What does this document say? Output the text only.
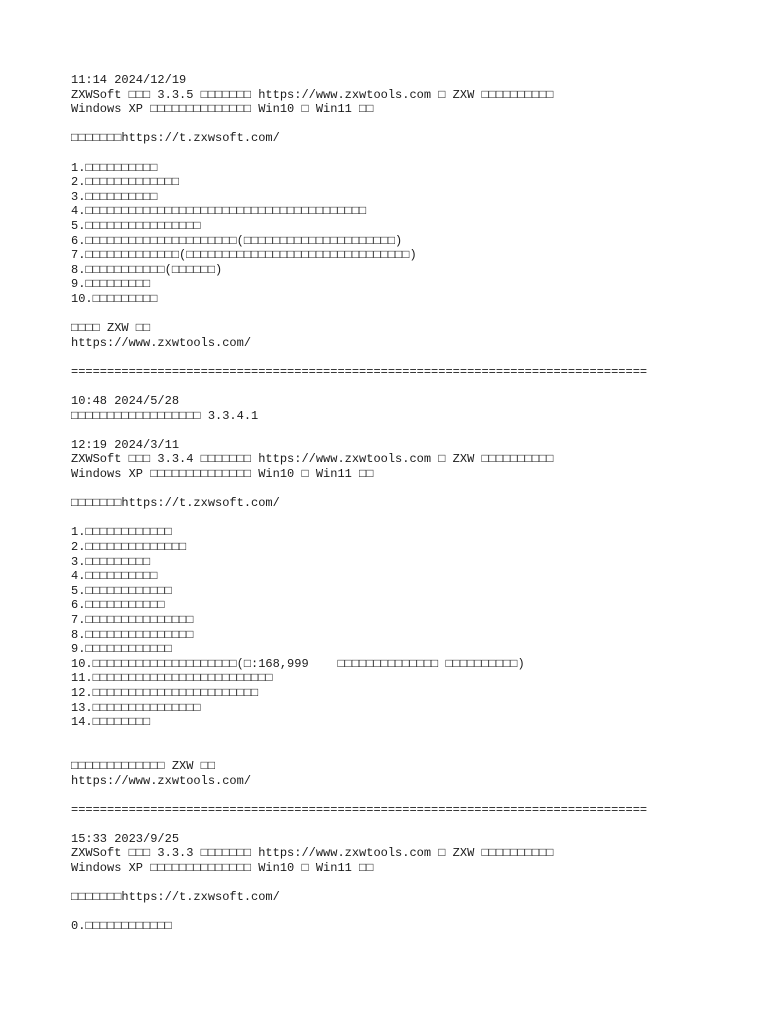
11:14 2024/12/19
ZXWSoft □□□ 3.3.5 □□□□□□□ https://www.zxwtools.com □ ZXW □□□□□□□□□□
Windows XP □□□□□□□□□□□□□□ Win10 □ Win11 □□
□□□□□□□https://t.zxwsoft.com/
1.□□□□□□□□□□
2.□□□□□□□□□□□□□
3.□□□□□□□□□□
4.□□□□□□□□□□□□□□□□□□□□□□□□□□□□□□□□□□□□□□□
5.□□□□□□□□□□□□□□□□
6.□□□□□□□□□□□□□□□□□□□□□(□□□□□□□□□□□□□□□□□□□□□)
7.□□□□□□□□□□□□□(□□□□□□□□□□□□□□□□□□□□□□□□□□□□□□□)
8.□□□□□□□□□□□(□□□□□□)
9.□□□□□□□□□
10.□□□□□□□□□
□□□□ ZXW □□
https://www.zxwtools.com/
================================================================================
10:48 2024/5/28
□□□□□□□□□□□□□□□□□□ 3.3.4.1
12:19 2024/3/11
ZXWSoft □□□ 3.3.4 □□□□□□□ https://www.zxwtools.com □ ZXW □□□□□□□□□□
Windows XP □□□□□□□□□□□□□□ Win10 □ Win11 □□
□□□□□□□https://t.zxwsoft.com/
1.□□□□□□□□□□□□
2.□□□□□□□□□□□□□□
3.□□□□□□□□□
4.□□□□□□□□□□
5.□□□□□□□□□□□□
6.□□□□□□□□□□□
7.□□□□□□□□□□□□□□□
8.□□□□□□□□□□□□□□□
9.□□□□□□□□□□□□
10.□□□□□□□□□□□□□□□□□□□□(□:168,999    □□□□□□□□□□□□□□ □□□□□□□□□□)
11.□□□□□□□□□□□□□□□□□□□□□□□□□
12.□□□□□□□□□□□□□□□□□□□□□□□
13.□□□□□□□□□□□□□□□
14.□□□□□□□□
□□□□□□□□□□□□□ ZXW □□
https://www.zxwtools.com/
================================================================================
15:33 2023/9/25
ZXWSoft □□□ 3.3.3 □□□□□□□ https://www.zxwtools.com □ ZXW □□□□□□□□□□
Windows XP □□□□□□□□□□□□□□ Win10 □ Win11 □□
□□□□□□□https://t.zxwsoft.com/
0.□□□□□□□□□□□□
